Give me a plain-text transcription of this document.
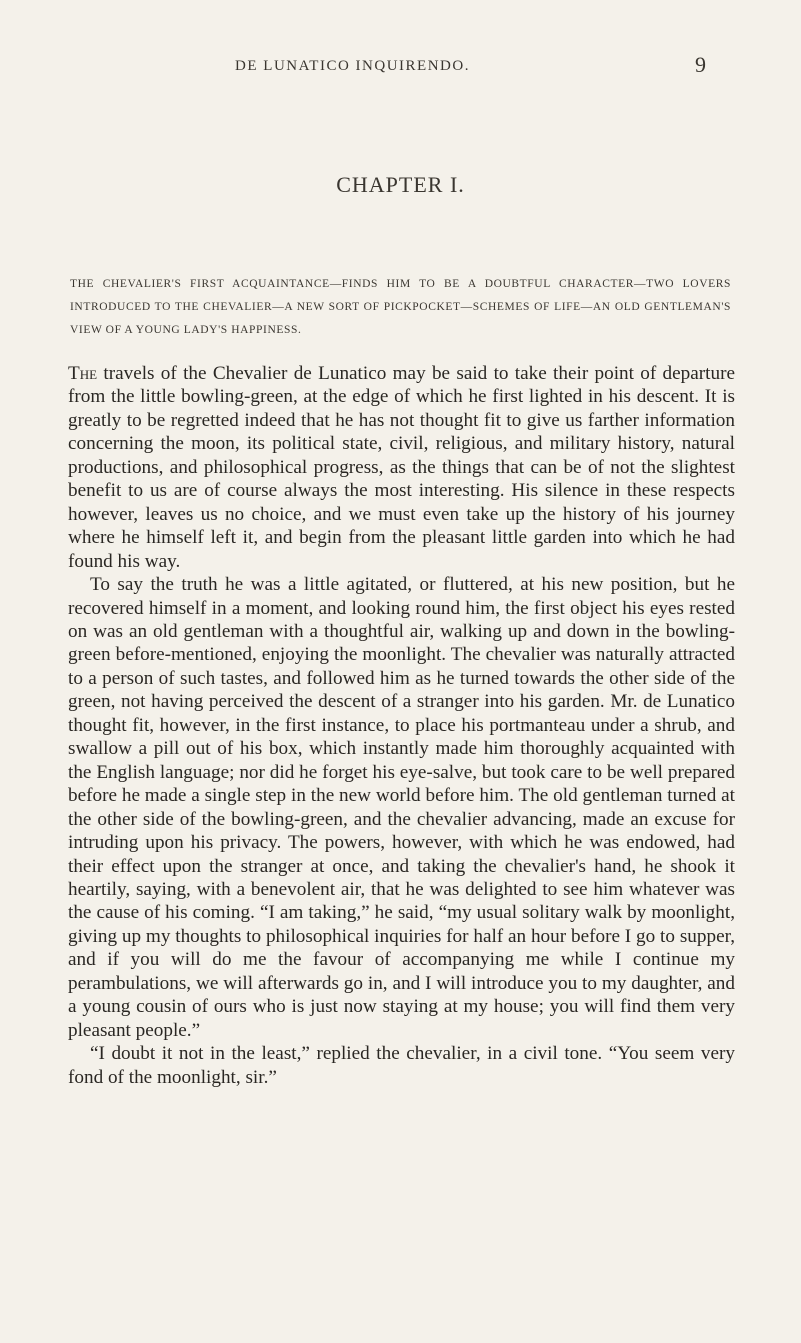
DE LUNATICO INQUIRENDO.	9
CHAPTER I.
THE CHEVALIER'S FIRST ACQUAINTANCE—FINDS HIM TO BE A DOUBTFUL CHARACTER—TWO LOVERS INTRODUCED TO THE CHEVALIER—A NEW SORT OF PICKPOCKET—SCHEMES OF LIFE—AN OLD GENTLEMAN'S VIEW OF A YOUNG LADY'S HAPPINESS.

The travels of the Chevalier de Lunatico may be said to take their point of departure from the little bowling-green, at the edge of which he first lighted in his descent. It is greatly to be regretted indeed that he has not thought fit to give us farther information concerning the moon, its political state, civil, religious, and military history, natural productions, and philosophical progress, as the things that can be of not the slightest benefit to us are of course always the most interesting. His silence in these respects however, leaves us no choice, and we must even take up the history of his journey where he himself left it, and begin from the pleasant little garden into which he had found his way.

To say the truth he was a little agitated, or fluttered, at his new position, but he recovered himself in a moment, and looking round him, the first object his eyes rested on was an old gentleman with a thoughtful air, walking up and down in the bowling-green before-mentioned, enjoying the moonlight. The chevalier was naturally attracted to a person of such tastes, and followed him as he turned towards the other side of the green, not having perceived the descent of a stranger into his garden. Mr. de Lunatico thought fit, however, in the first instance, to place his portmanteau under a shrub, and swallow a pill out of his box, which instantly made him thoroughly acquainted with the English language; nor did he forget his eye-salve, but took care to be well prepared before he made a single step in the new world before him. The old gentleman turned at the other side of the bowling-green, and the chevalier advancing, made an excuse for intruding upon his privacy. The powers, however, with which he was endowed, had their effect upon the stranger at once, and taking the chevalier's hand, he shook it heartily, saying, with a benevolent air, that he was delighted to see him whatever was the cause of his coming. “I am taking,” he said, “my usual solitary walk by moonlight, giving up my thoughts to philosophical inquiries for half an hour before I go to supper, and if you will do me the favour of accompanying me while I continue my perambulations, we will afterwards go in, and I will introduce you to my daughter, and a young cousin of ours who is just now staying at my house; you will find them very pleasant people.”

“I doubt it not in the least,” replied the chevalier, in a civil tone. “You seem very fond of the moonlight, sir.”
